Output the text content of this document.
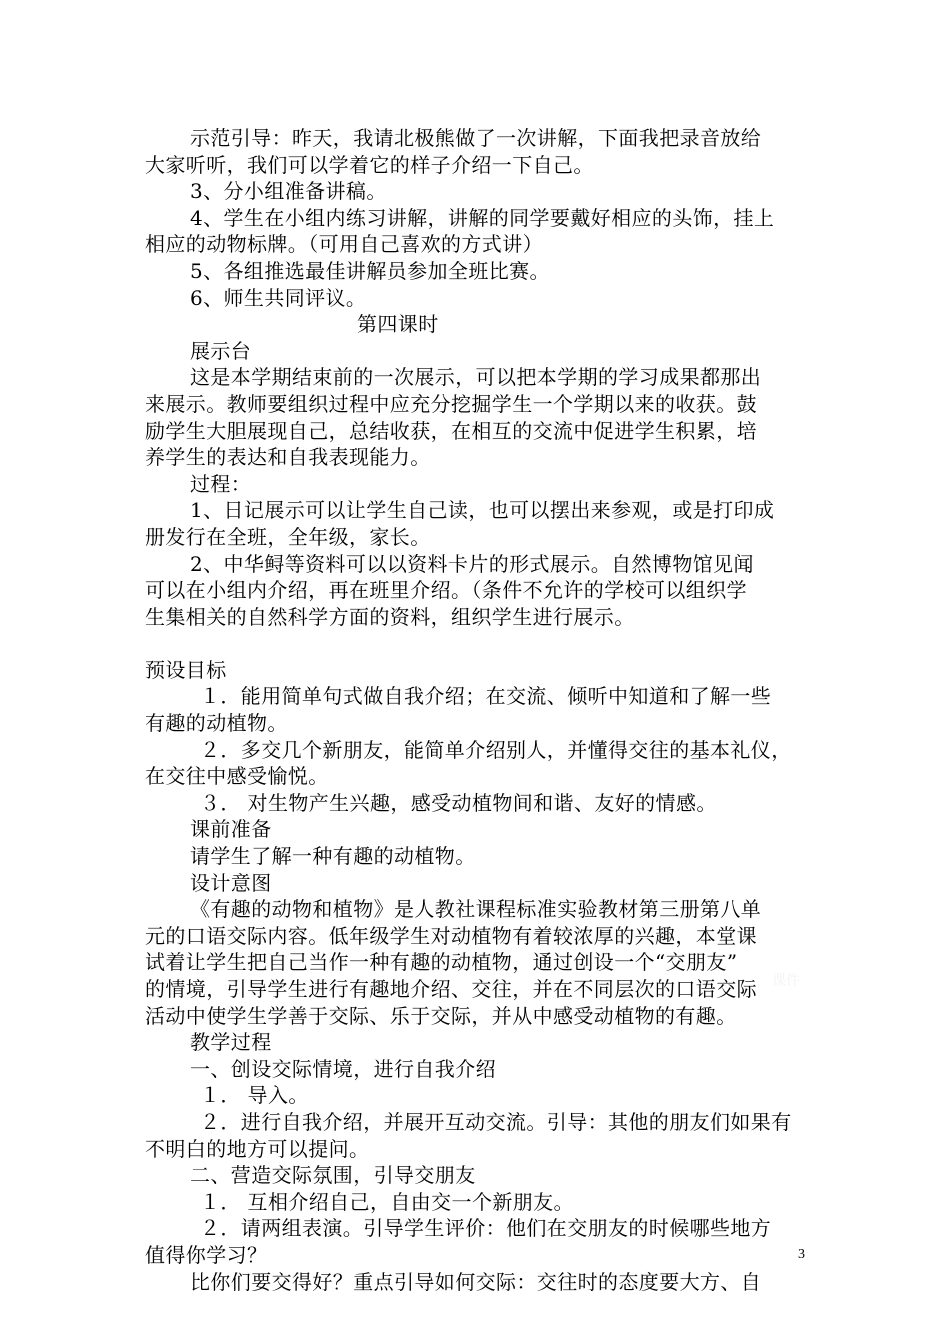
示范引导：昨天，我请北极熊做了一次讲解，下面我把录音放给
大家听听，我们可以学着它的样子介绍一下自己。
3、分小组准备讲稿。
4、学生在小组内练习讲解，讲解的同学要戴好相应的头饰，挂上
相应的动物标牌。（可用自己喜欢的方式讲）
5、各组推选最佳讲解员参加全班比赛。
6、师生共同评议。
第四课时
展示台
这是本学期结束前的一次展示，可以把本学期的学习成果都那出
来展示。教师要组织过程中应充分挖掘学生一个学期以来的收获。鼓
励学生大胆展现自己，总结收获，在相互的交流中促进学生积累，培
养学生的表达和自我表现能力。
过程：
1、日记展示可以让学生自己读，也可以摆出来参观，或是打印成
册发行在全班，全年级，家长。
2、中华鲟等资料可以以资料卡片的形式展示。自然博物馆见闻
可以在小组内介绍，再在班里介绍。（条件不允许的学校可以组织学
生集相关的自然科学方面的资料，组织学生进行展示。
预设目标
１．能用简单句式做自我介绍；在交流、倾听中知道和了解一些
有趣的动植物。
２．多交几个新朋友，能简单介绍别人，并懂得交往的基本礼仪，
在交往中感受愉悦。
３． 对生物产生兴趣，感受动植物间和谐、友好的情感。
课前准备
请学生了解一种有趣的动植物。
设计意图
《有趣的动物和植物》是人教社课程标准实验教材第三册第八单
元的口语交际内容。低年级学生对动植物有着较浓厚的兴趣，本堂课
试着让学生把自己当作一种有趣的动植物，通过创设一个“交朋友”
的情境，引导学生进行有趣地介绍、交往，并在不同层次的口语交际
活动中使学生学善于交际、乐于交际，并从中感受动植物的有趣。
教学过程
一、创设交际情境，进行自我介绍
１． 导入。
２．进行自我介绍，并展开互动交流。引导：其他的朋友们如果有
不明白的地方可以提问。
二、营造交际氛围，引导交朋友
１． 互相介绍自己，自由交一个新朋友。
２．请两组表演。引导学生评价：他们在交朋友的时候哪些地方
值得你学习？
比你们要交得好？重点引导如何交际：交往时的态度要大方、自
课件
3
